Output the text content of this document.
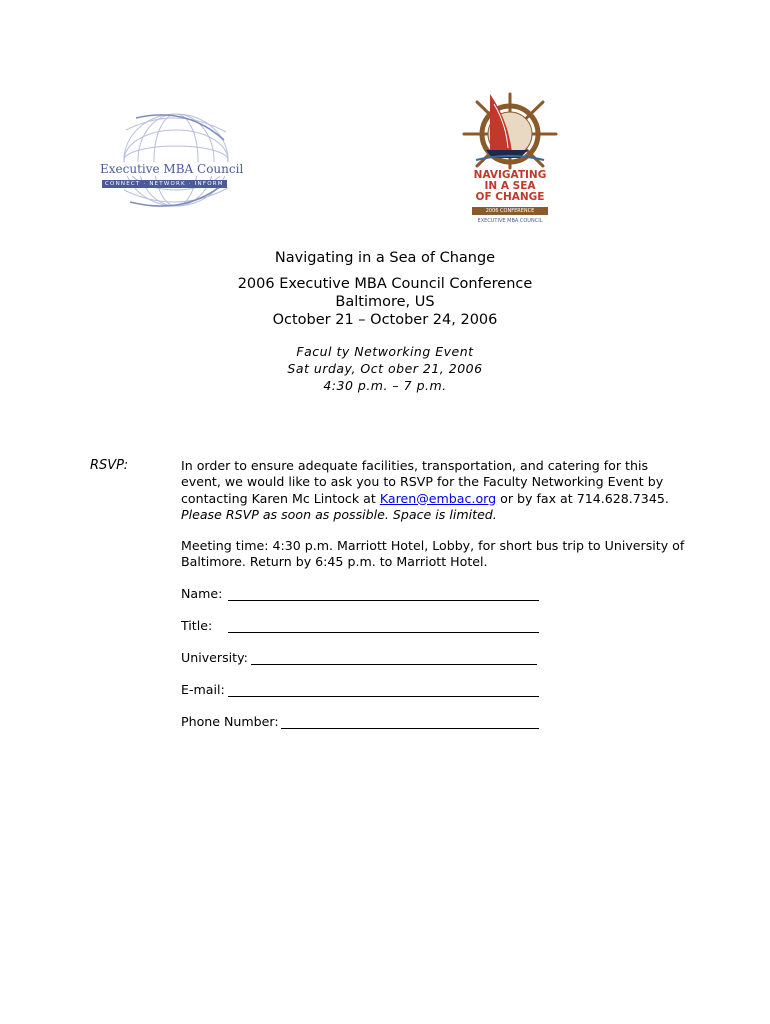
Executive MBA Council
CONNECT · NETWORK · INFORM
NAVIGATING
IN A SEA
OF CHANGE
2006 CONFERENCE
EXECUTIVE MBA COUNCIL
Navigating in a Sea of Change
2006 Executive MBA Council Conference
Baltimore, US
October 21 – October 24, 2006
Facul ty Networking Event
Sat urday, Oct ober 21, 2006
4:30 p.m. – 7 p.m.
RSVP:	In order to ensure adequate facilities, transportation, and catering for this event, we would like to ask you to RSVP for the Faculty Networking Event by contacting Karen Mc Lintock at Karen@embac.org or by fax at 714.628.7345. Please RSVP as soon as possible. Space is limited.
Meeting time: 4:30 p.m. Marriott Hotel, Lobby, for short bus trip to University of Baltimore. Return by 6:45 p.m. to Marriott Hotel.
Name:
Title:
University:
E-mail:
Phone Number:
